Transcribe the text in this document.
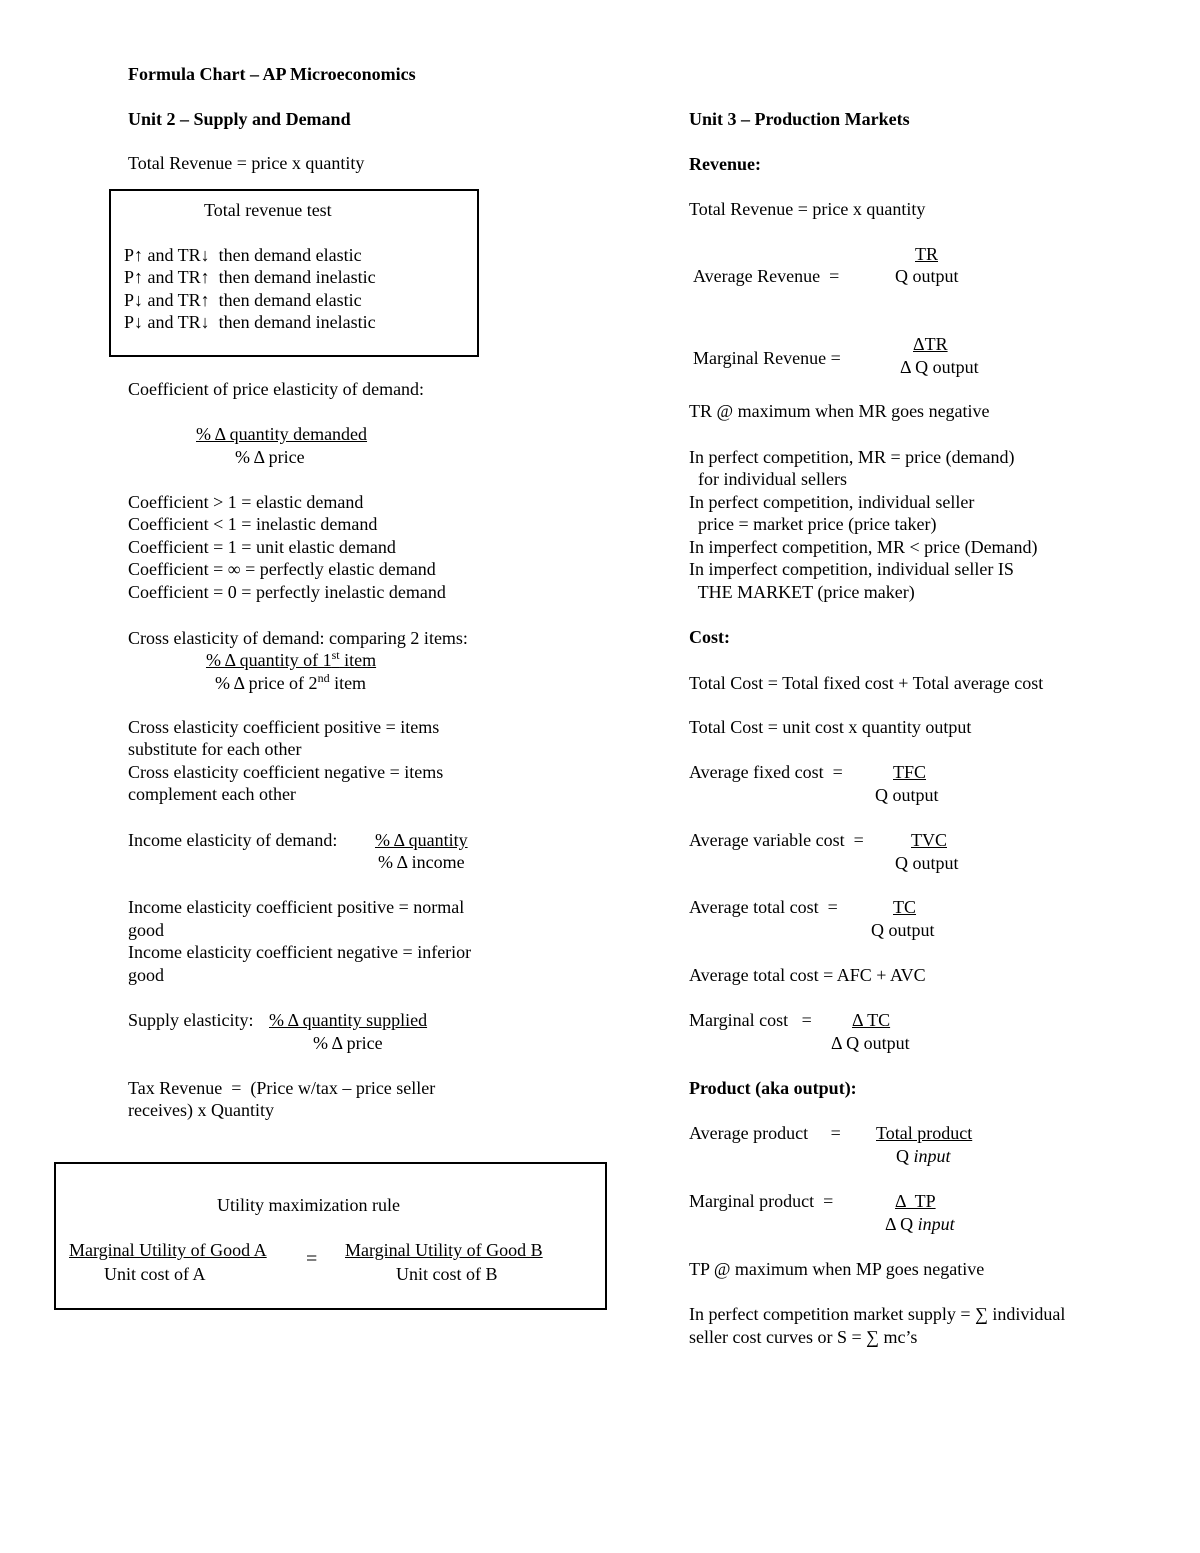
Formula Chart – AP Microeconomics
Unit 2 – Supply and Demand
Total Revenue = price x quantity
Total revenue test
P↑ and TR↓  then demand elastic
P↑ and TR↑  then demand inelastic
P↓ and TR↑  then demand elastic
P↓ and TR↓  then demand inelastic
Coefficient of price elasticity of demand:
% Δ quantity demanded
% Δ price
Coefficient > 1 = elastic demand
Coefficient < 1 = inelastic demand
Coefficient = 1 = unit elastic demand
Coefficient = ∞ = perfectly elastic demand
Coefficient = 0 = perfectly inelastic demand
Cross elasticity of demand: comparing 2 items:
% Δ quantity of 1st item
% Δ price of 2nd item
Cross elasticity coefficient positive = items
substitute for each other
Cross elasticity coefficient negative = items
complement each other
Income elasticity of demand: % Δ quantity
% Δ income
Income elasticity coefficient positive = normal
good
Income elasticity coefficient negative = inferior
good
Supply elasticity: % Δ quantity supplied
% Δ price
Tax Revenue  =  (Price w/tax – price seller
receives) x Quantity
Utility maximization rule
Marginal Utility of Good A
Unit cost of A
= Marginal Utility of Good B
Unit cost of B
Unit 3 – Production Markets
Revenue:
Total Revenue = price x quantity
Average Revenue  =
TR
Q output
Marginal Revenue =
ΔTR
Δ Q output
TR @ maximum when MR goes negative
In perfect competition, MR = price (demand)
for individual sellers
In perfect competition, individual seller
price = market price (price taker)
In imperfect competition, MR < price (Demand)
In imperfect competition, individual seller IS
THE MARKET (price maker)
Cost:
Total Cost = Total fixed cost + Total average cost
Total Cost = unit cost x quantity output
Average fixed cost  =	TFC
Q output
Average variable cost  =	TVC
Q output
Average total cost  =	TC
Q output
Average total cost = AFC + AVC
Marginal cost   = Δ TC
Δ Q output
Product (aka output):
Average product     = Total product
Q input
Marginal product  =	Δ  TP
Δ Q input
TP @ maximum when MP goes negative
In perfect competition market supply = ∑ individual
seller cost curves or S = ∑ mc’s
